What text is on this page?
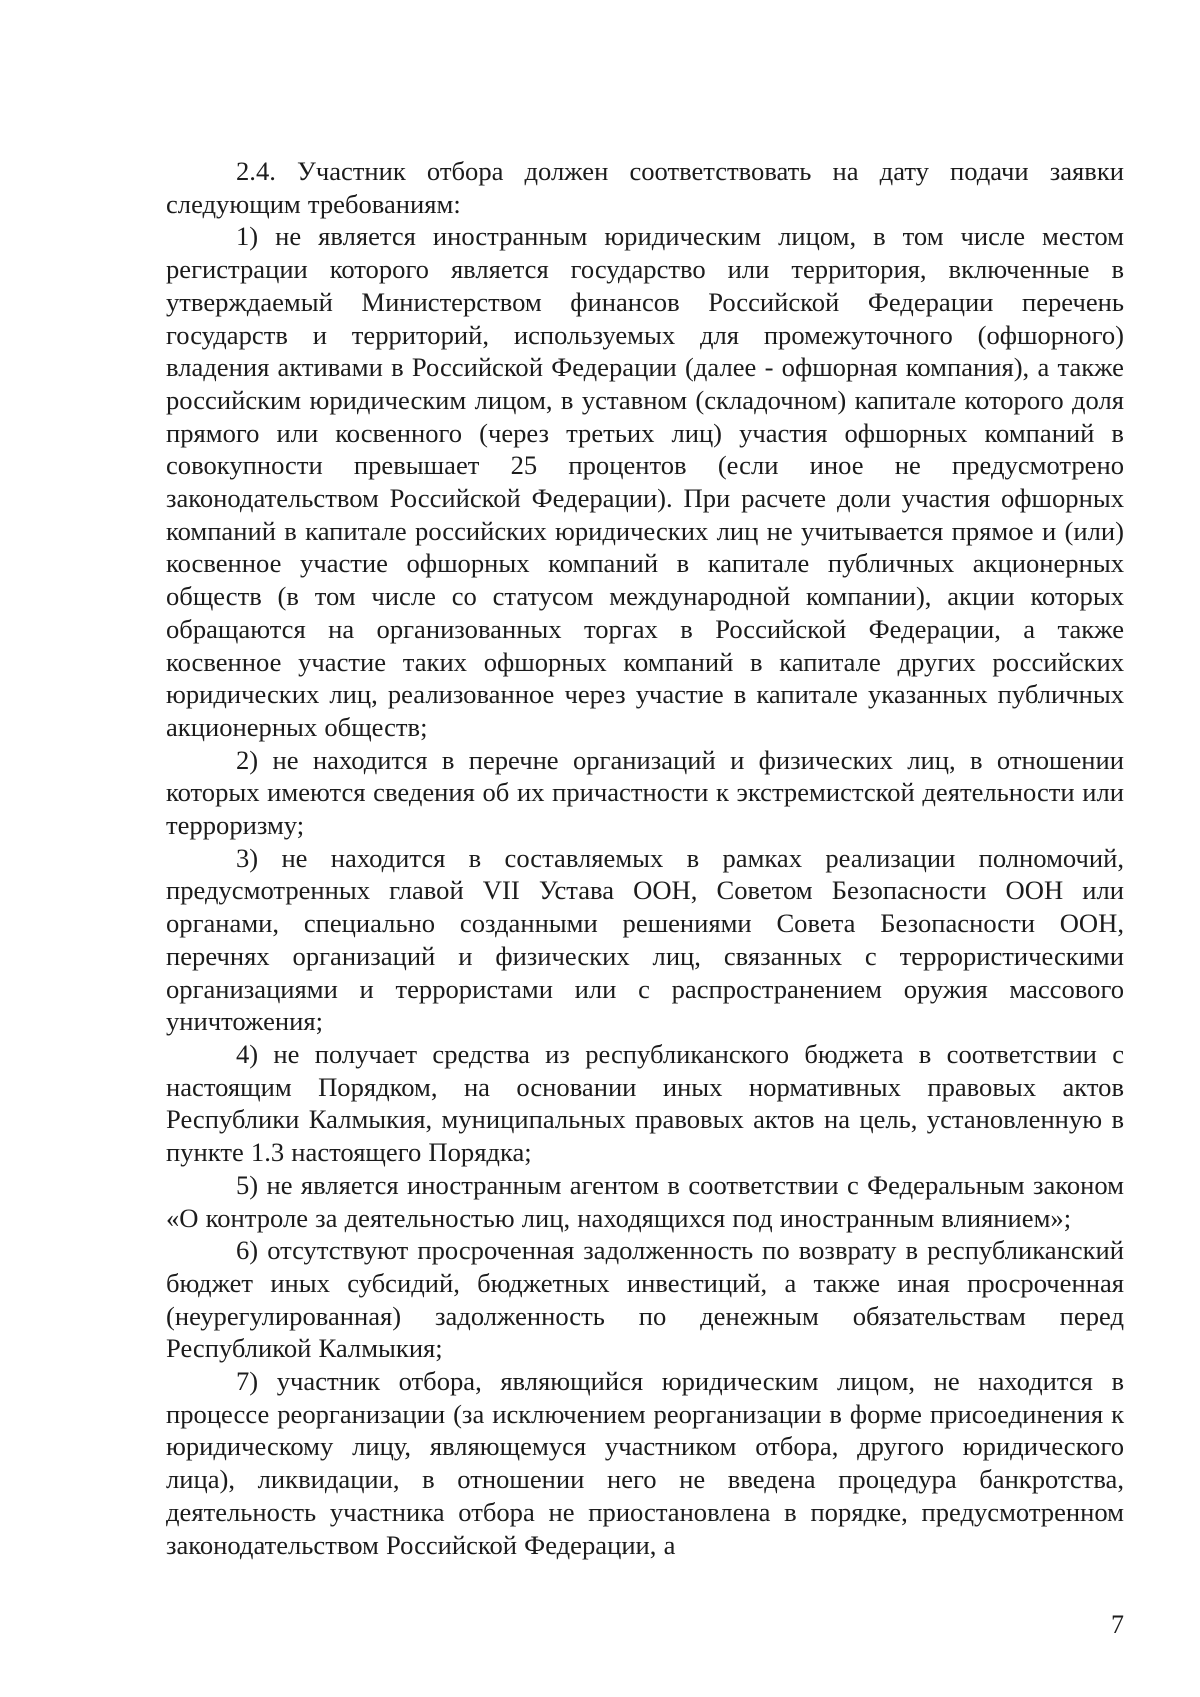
2.4. Участник отбора должен соответствовать на дату подачи заявки следующим требованиям:

1) не является иностранным юридическим лицом, в том числе местом регистрации которого является государство или территория, включенные в утверждаемый Министерством финансов Российской Федерации перечень государств и территорий, используемых для промежуточного (офшорного) владения активами в Российской Федерации (далее - офшорная компания), а также российским юридическим лицом, в уставном (складочном) капитале которого доля прямого или косвенного (через третьих лиц) участия офшорных компаний в совокупности превышает 25 процентов (если иное не предусмотрено законодательством Российской Федерации). При расчете доли участия офшорных компаний в капитале российских юридических лиц не учитывается прямое и (или) косвенное участие офшорных компаний в капитале публичных акционерных обществ (в том числе со статусом международной компании), акции которых обращаются на организованных торгах в Российской Федерации, а также косвенное участие таких офшорных компаний в капитале других российских юридических лиц, реализованное через участие в капитале указанных публичных акционерных обществ;

2) не находится в перечне организаций и физических лиц, в отношении которых имеются сведения об их причастности к экстремистской деятельности или терроризму;

3) не находится в составляемых в рамках реализации полномочий, предусмотренных главой VII Устава ООН, Советом Безопасности ООН или органами, специально созданными решениями Совета Безопасности ООН, перечнях организаций и физических лиц, связанных с террористическими организациями и террористами или с распространением оружия массового уничтожения;

4) не получает средства из республиканского бюджета в соответствии с настоящим Порядком, на основании иных нормативных правовых актов Республики Калмыкия, муниципальных правовых актов на цель, установленную в пункте 1.3 настоящего Порядка;

5) не является иностранным агентом в соответствии с Федеральным законом «О контроле за деятельностью лиц, находящихся под иностранным влиянием»;

6) отсутствуют просроченная задолженность по возврату в республиканский бюджет иных субсидий, бюджетных инвестиций, а также иная просроченная (неурегулированная) задолженность по денежным обязательствам перед Республикой Калмыкия;

7) участник отбора, являющийся юридическим лицом, не находится в процессе реорганизации (за исключением реорганизации в форме присоединения к юридическому лицу, являющемуся участником отбора, другого юридического лица), ликвидации, в отношении него не введена процедура банкротства, деятельность участника отбора не приостановлена в порядке, предусмотренном законодательством Российской Федерации, а

7
